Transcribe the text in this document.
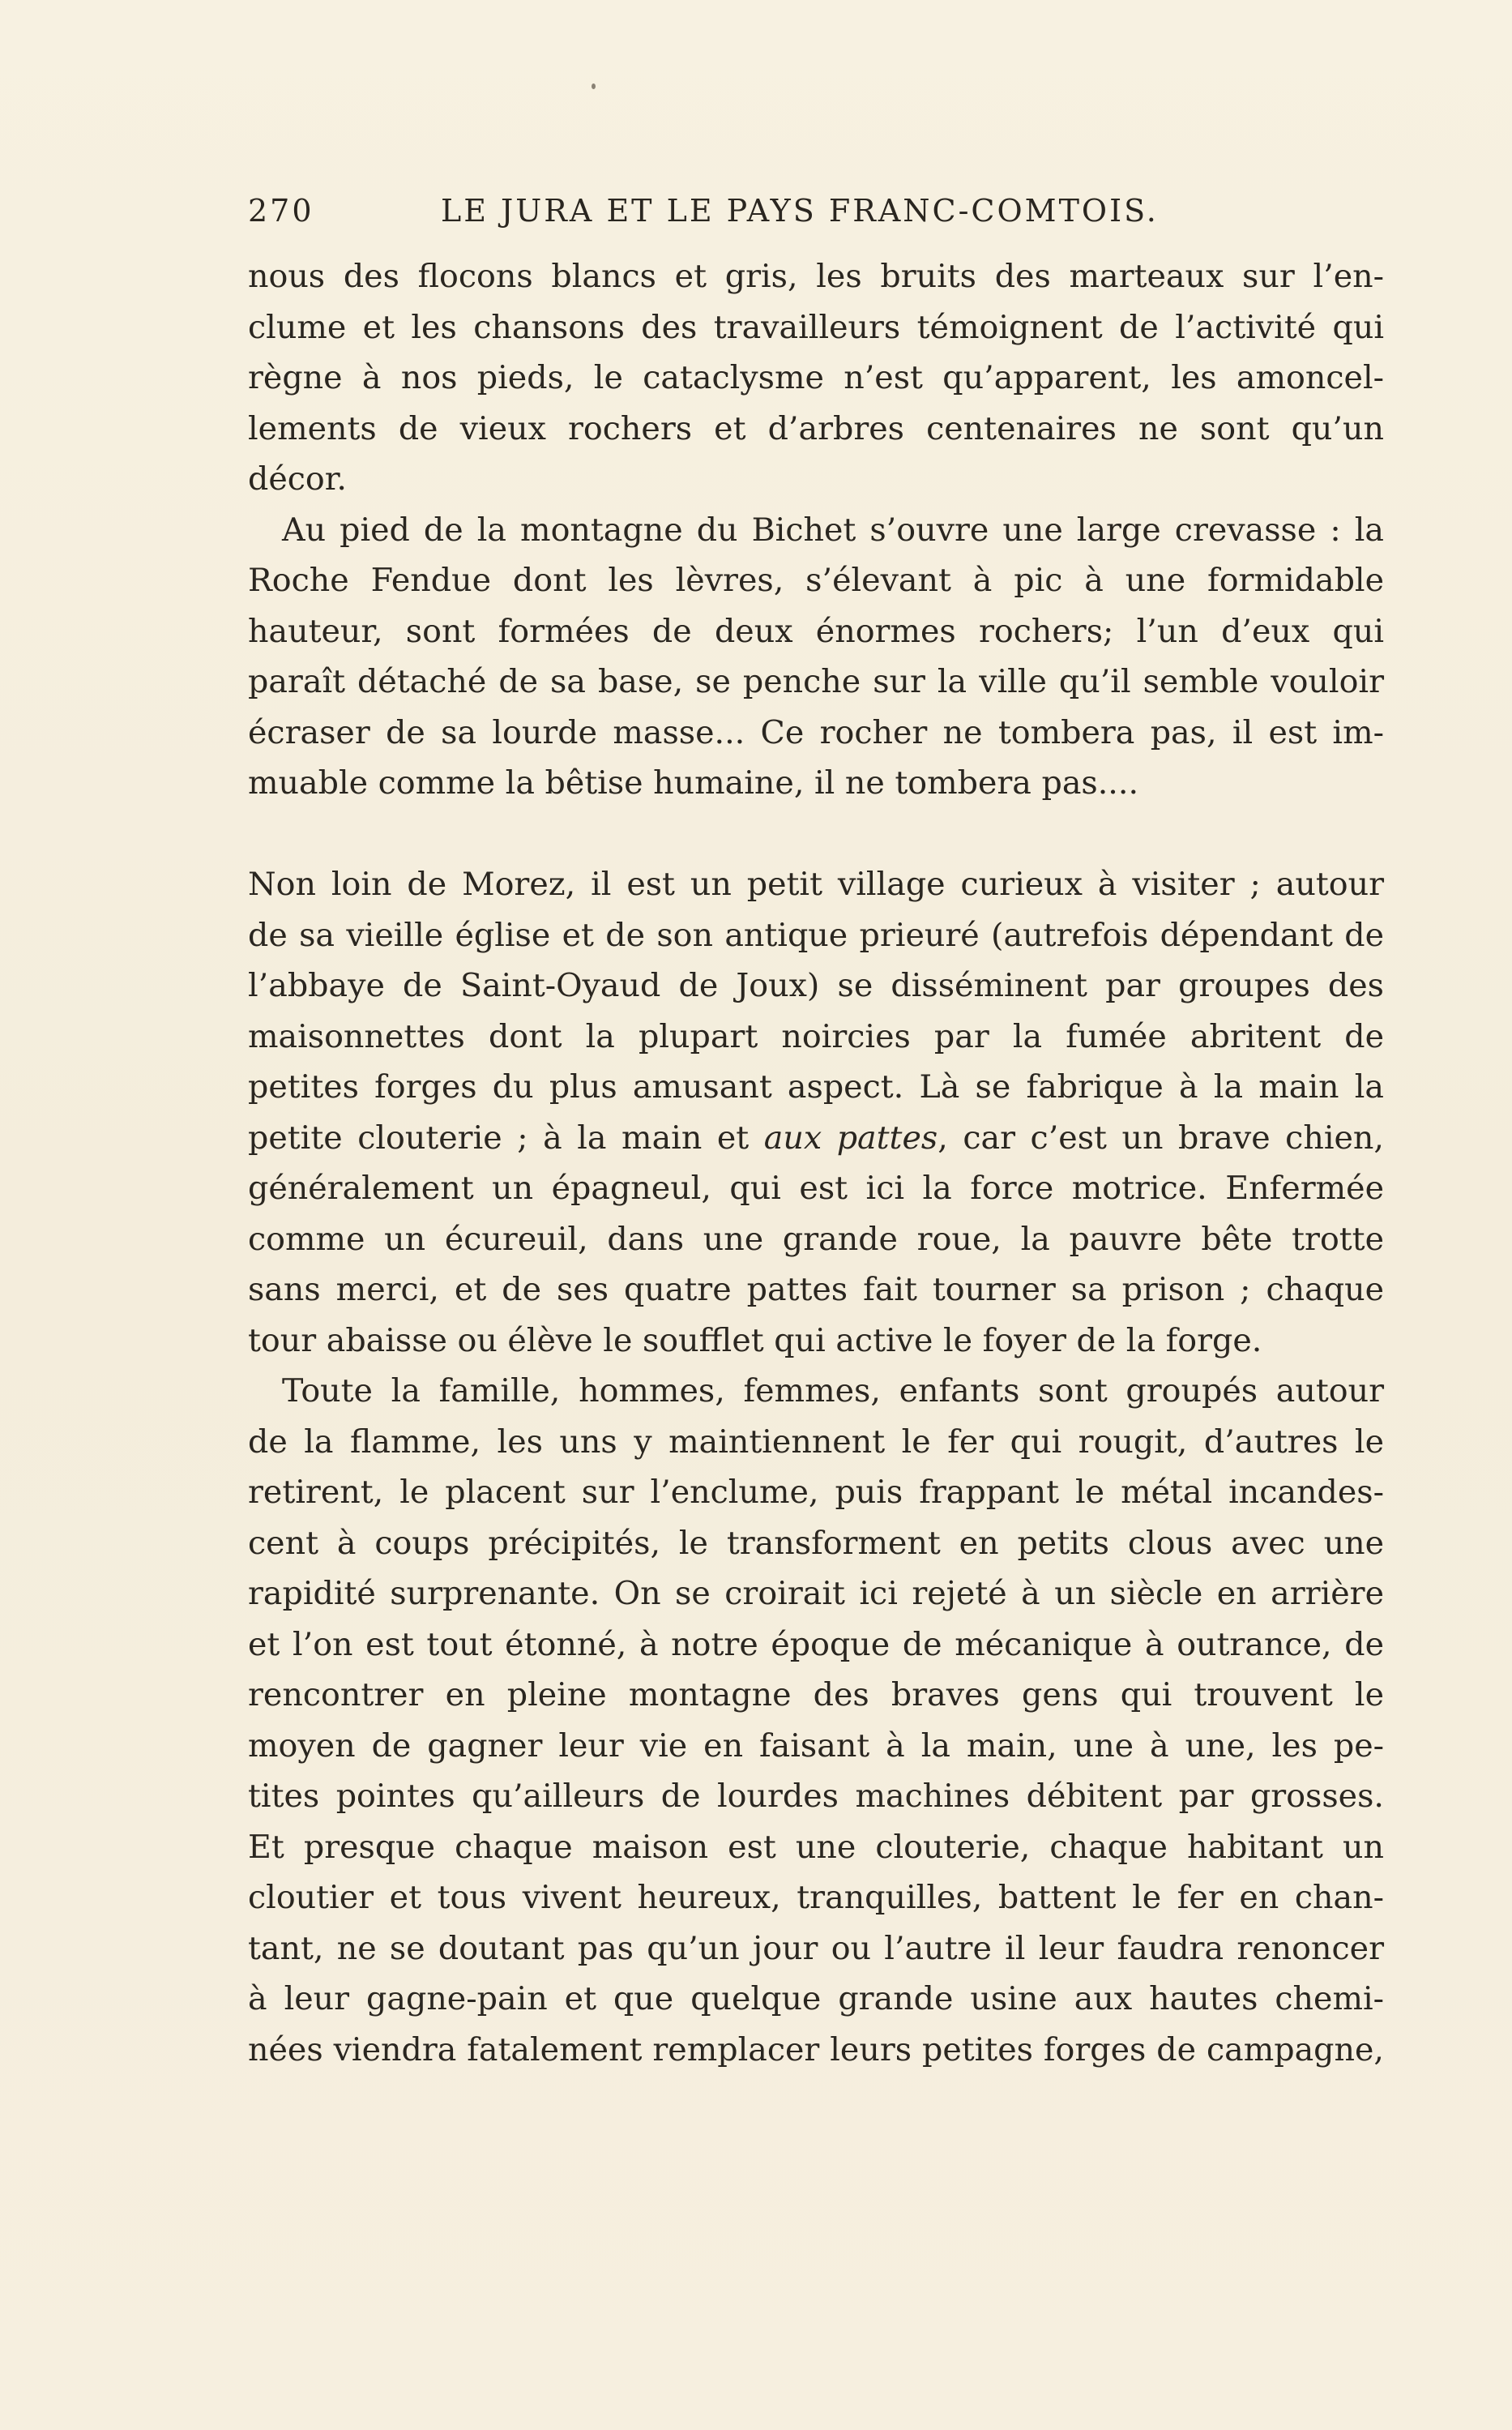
270	LE JURA ET LE PAYS FRANC-COMTOIS.
nous des flocons blancs et gris, les bruits des marteaux sur l’en-
clume et les chansons des travailleurs témoignent de l’activité qui
règne à nos pieds, le cataclysme n’est qu’apparent, les amoncel-
lements de vieux rochers et d’arbres centenaires ne sont qu’un
décor.
Au pied de la montagne du Bichet s’ouvre une large crevasse : la
Roche Fendue dont les lèvres, s’élevant à pic à une formidable
hauteur, sont formées de deux énormes rochers; l’un d’eux qui
paraît détaché de sa base, se penche sur la ville qu’il semble vouloir
écraser de sa lourde masse... Ce rocher ne tombera pas, il est im-
muable comme la bêtise humaine, il ne tombera pas....
Non loin de Morez, il est un petit village curieux à visiter ; autour
de sa vieille église et de son antique prieuré (autrefois dépendant de
l’abbaye de Saint-Oyaud de Joux) se disséminent par groupes des
maisonnettes dont la plupart noircies par la fumée abritent de
petites forges du plus amusant aspect. Là se fabrique à la main la
petite clouterie ; à la main et aux pattes, car c’est un brave chien,
généralement un épagneul, qui est ici la force motrice. Enfermée
comme un écureuil, dans une grande roue, la pauvre bête trotte
sans merci, et de ses quatre pattes fait tourner sa prison ; chaque
tour abaisse ou élève le soufflet qui active le foyer de la forge.
Toute la famille, hommes, femmes, enfants sont groupés autour
de la flamme, les uns y maintiennent le fer qui rougit, d’autres le
retirent, le placent sur l’enclume, puis frappant le métal incandes-
cent à coups précipités, le transforment en petits clous avec une
rapidité surprenante. On se croirait ici rejeté à un siècle en arrière
et l’on est tout étonné, à notre époque de mécanique à outrance, de
rencontrer en pleine montagne des braves gens qui trouvent le
moyen de gagner leur vie en faisant à la main, une à une, les pe-
tites pointes qu’ailleurs de lourdes machines débitent par grosses.
Et presque chaque maison est une clouterie, chaque habitant un
cloutier et tous vivent heureux, tranquilles, battent le fer en chan-
tant, ne se doutant pas qu’un jour ou l’autre il leur faudra renoncer
à leur gagne-pain et que quelque grande usine aux hautes chemi-
nées viendra fatalement remplacer leurs petites forges de campagne,
